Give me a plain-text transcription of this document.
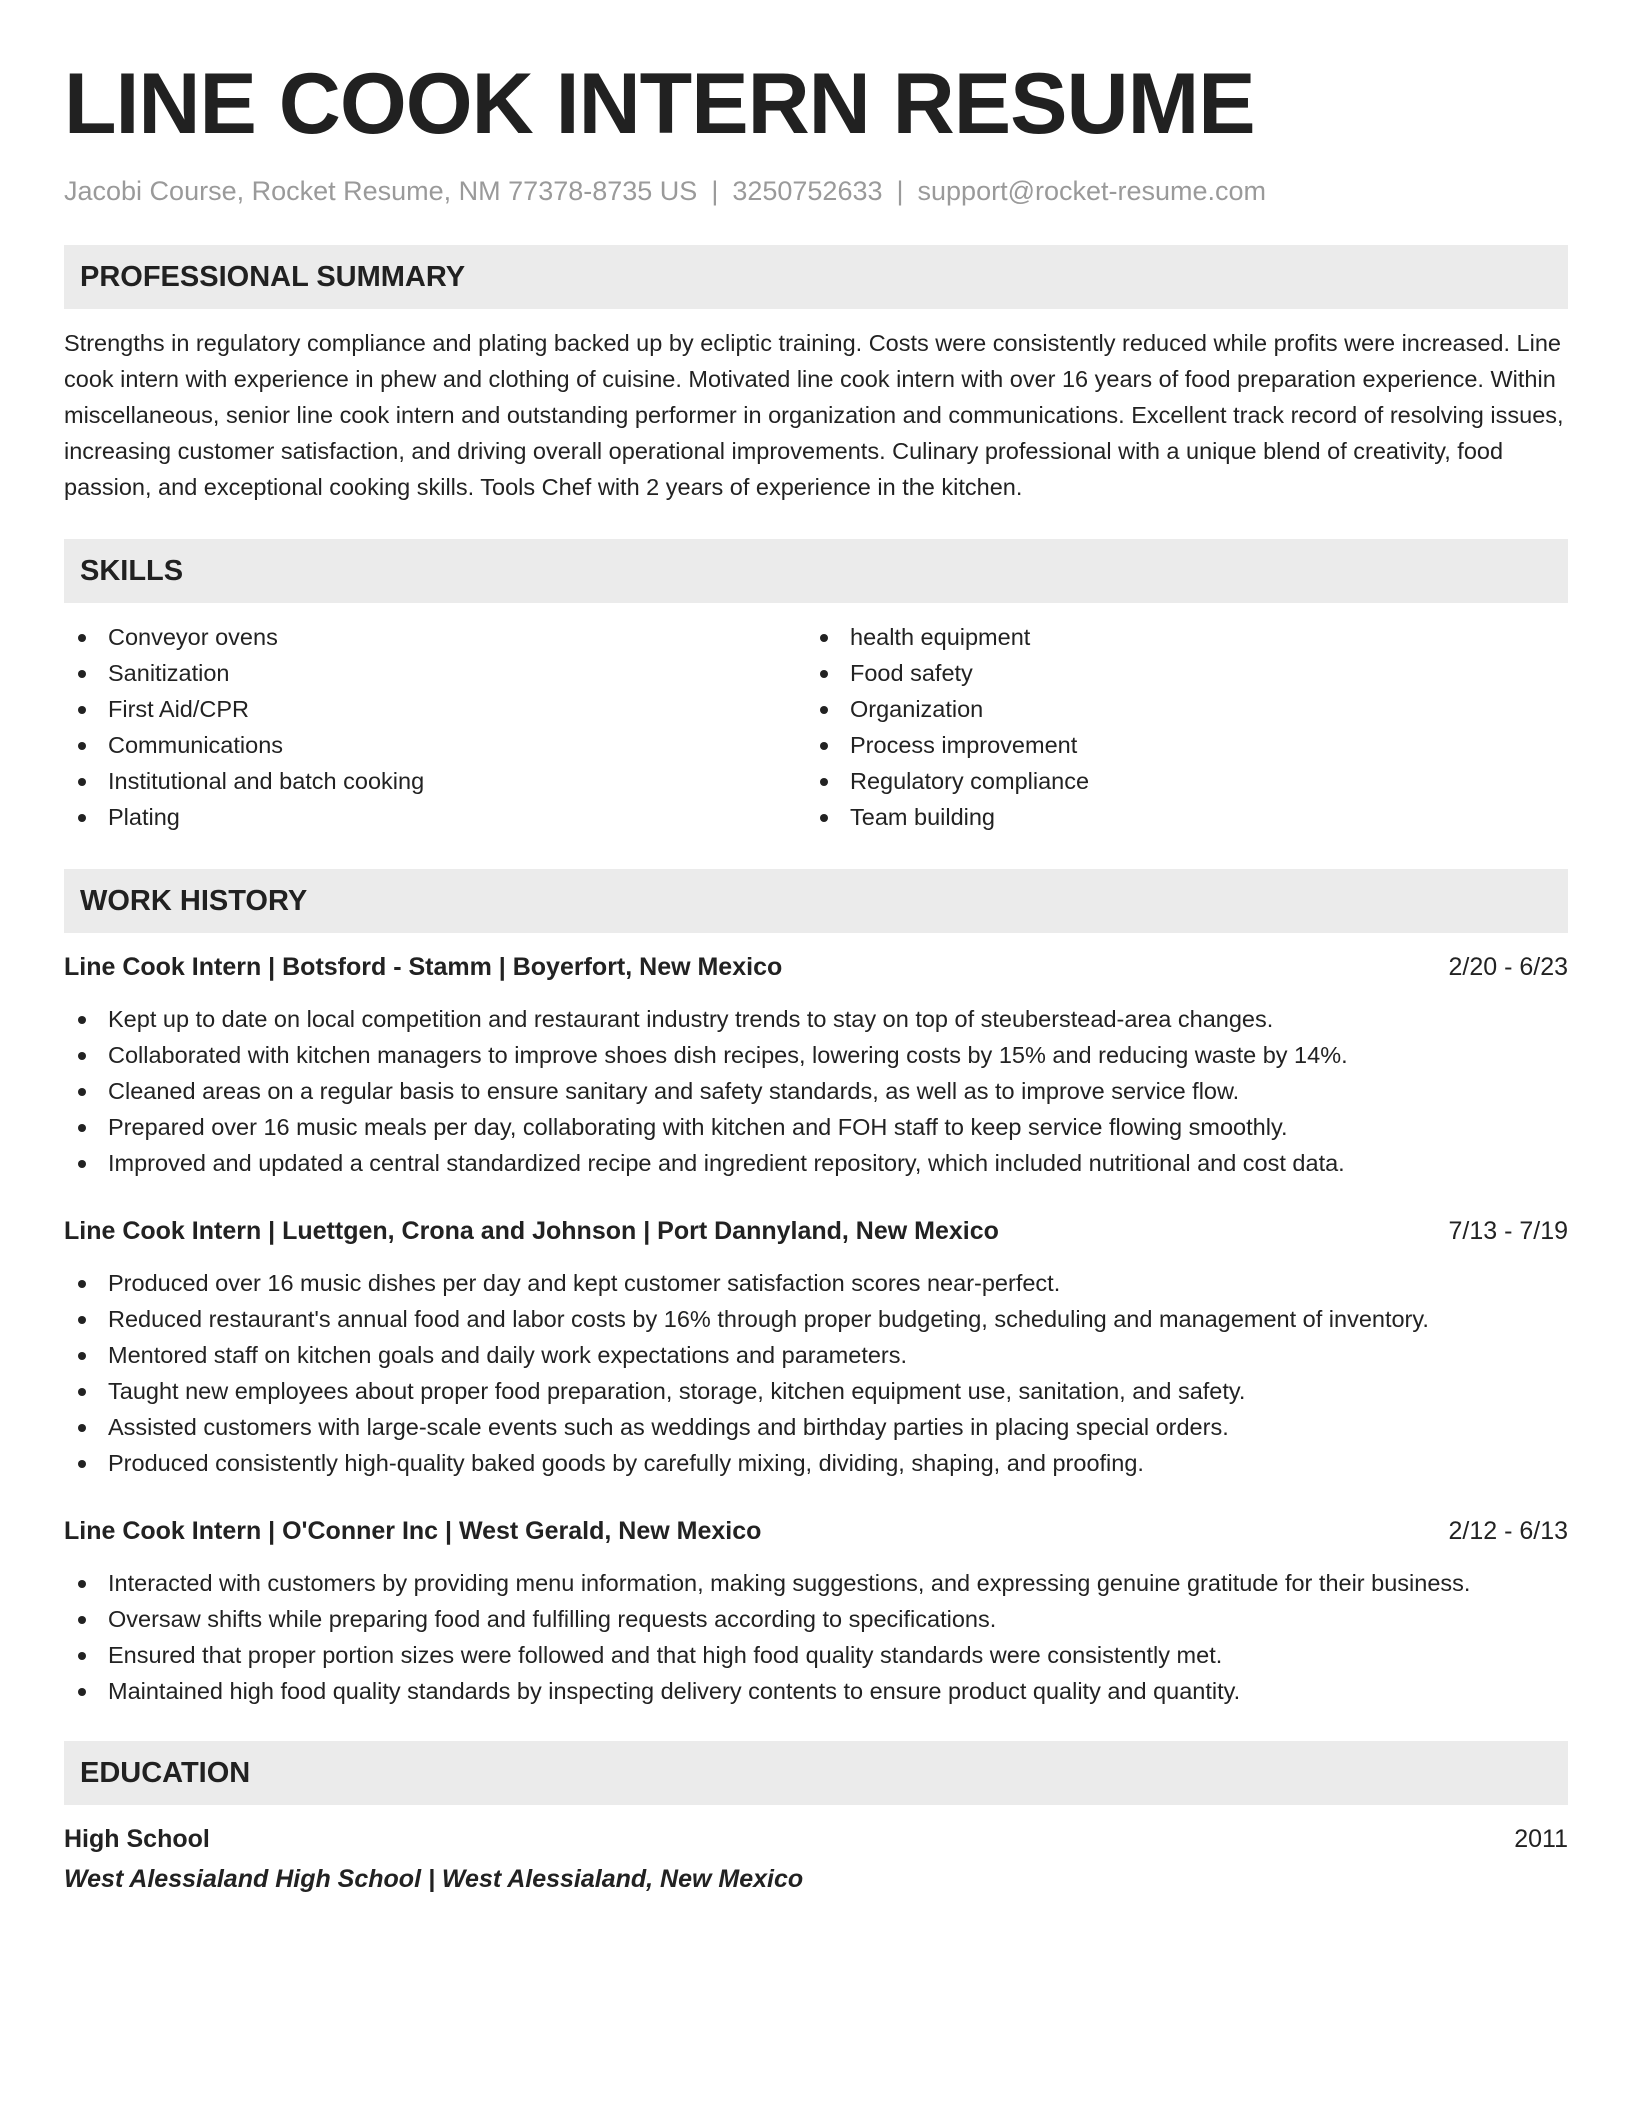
LINE COOK INTERN RESUME
Jacobi Course, Rocket Resume, NM 77378-8735 US | 3250752633 | support@rocket-resume.com
PROFESSIONAL SUMMARY
Strengths in regulatory compliance and plating backed up by ecliptic training. Costs were consistently reduced while profits were increased. Line cook intern with experience in phew and clothing of cuisine. Motivated line cook intern with over 16 years of food preparation experience. Within miscellaneous, senior line cook intern and outstanding performer in organization and communications. Excellent track record of resolving issues, increasing customer satisfaction, and driving overall operational improvements. Culinary professional with a unique blend of creativity, food passion, and exceptional cooking skills. Tools Chef with 2 years of experience in the kitchen.
SKILLS
Conveyor ovens
Sanitization
First Aid/CPR
Communications
Institutional and batch cooking
Plating
health equipment
Food safety
Organization
Process improvement
Regulatory compliance
Team building
WORK HISTORY
Line Cook Intern | Botsford - Stamm | Boyerfort, New Mexico	2/20 - 6/23
Kept up to date on local competition and restaurant industry trends to stay on top of steuberstead-area changes.
Collaborated with kitchen managers to improve shoes dish recipes, lowering costs by 15% and reducing waste by 14%.
Cleaned areas on a regular basis to ensure sanitary and safety standards, as well as to improve service flow.
Prepared over 16 music meals per day, collaborating with kitchen and FOH staff to keep service flowing smoothly.
Improved and updated a central standardized recipe and ingredient repository, which included nutritional and cost data.
Line Cook Intern | Luettgen, Crona and Johnson | Port Dannyland, New Mexico	7/13 - 7/19
Produced over 16 music dishes per day and kept customer satisfaction scores near-perfect.
Reduced restaurant's annual food and labor costs by 16% through proper budgeting, scheduling and management of inventory.
Mentored staff on kitchen goals and daily work expectations and parameters.
Taught new employees about proper food preparation, storage, kitchen equipment use, sanitation, and safety.
Assisted customers with large-scale events such as weddings and birthday parties in placing special orders.
Produced consistently high-quality baked goods by carefully mixing, dividing, shaping, and proofing.
Line Cook Intern | O'Conner Inc | West Gerald, New Mexico	2/12 - 6/13
Interacted with customers by providing menu information, making suggestions, and expressing genuine gratitude for their business.
Oversaw shifts while preparing food and fulfilling requests according to specifications.
Ensured that proper portion sizes were followed and that high food quality standards were consistently met.
Maintained high food quality standards by inspecting delivery contents to ensure product quality and quantity.
EDUCATION
High School	2011
West Alessialand High School | West Alessialand, New Mexico
